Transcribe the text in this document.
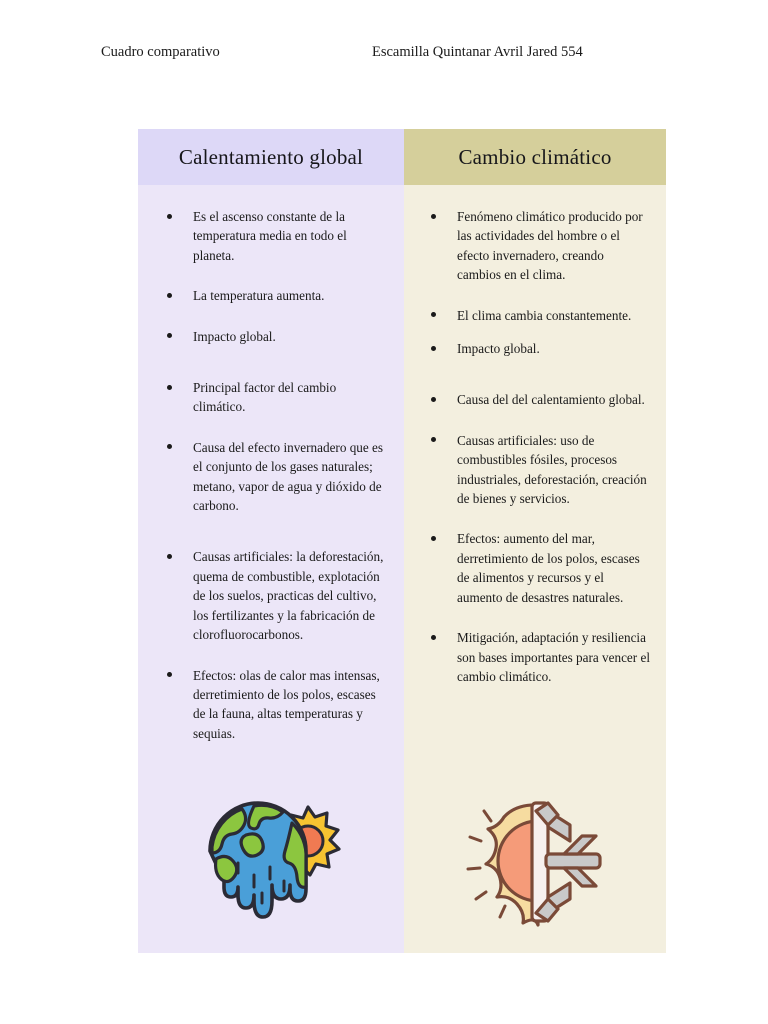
Cuadro comparativo	Escamilla Quintanar Avril Jared 554
Calentamiento global
Es el ascenso constante de la temperatura media en todo el planeta.
La temperatura aumenta.
Impacto global.
Principal factor del cambio climático.
Causa del efecto invernadero que es el conjunto de los gases naturales; metano, vapor de agua y dióxido de carbono.
Causas artificiales: la deforestación, quema de combustible, explotación de los suelos, practicas del cultivo, los fertilizantes y la fabricación de clorofluorocarbonos.
Efectos: olas de calor mas intensas, derretimiento de los polos, escases de la fauna, altas temperaturas y sequias.
Cambio climático
Fenómeno climático producido por las actividades del hombre o el efecto invernadero, creando cambios en el clima.
El clima cambia constantemente.
Impacto global.
Causa del del calentamiento global.
Causas artificiales: uso de combustibles fósiles, procesos industriales, deforestación, creación de bienes y servicios.
Efectos: aumento del mar, derretimiento de los polos, escases de alimentos y recursos y el aumento de desastres naturales.
Mitigación, adaptación y resiliencia son bases importantes para vencer el cambio climático.
